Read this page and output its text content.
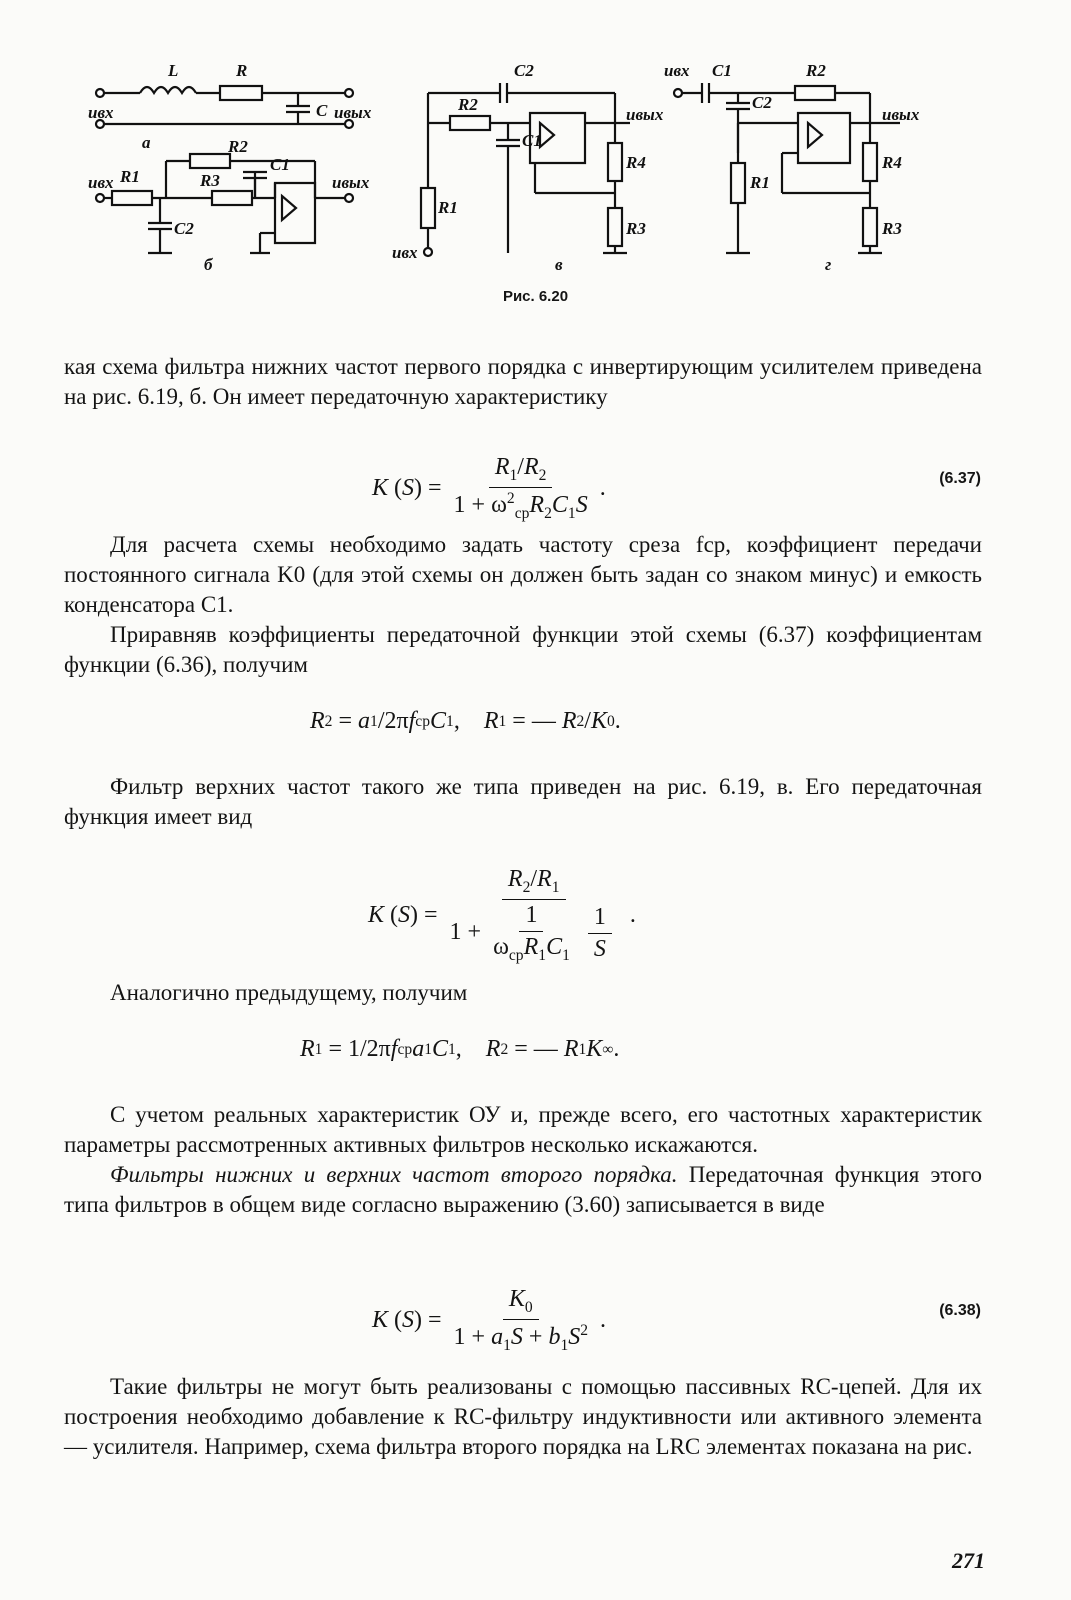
L	R
C uвых
uвх
а	R2
R1	R3
C1
C2
uвх	uвых
б
C2
R2
C1
R1
R4
R3
uвых
uвх
в
uвх C1	R2
C2
R1
uвых
R4
R3
г
Рис. 6.20

кая схема фильтра нижних частот первого порядка с инвертирующим усилителем приведена на рис. 6.19, б. Он имеет передаточную характеристику

K ( S ) = $\frac{R_1/R_2}{1 + \omega^2_{ср}R_2C_1S}$ .	(6.37)

Для расчета схемы необходимо задать частоту среза fср, коэффициент передачи постоянного сигнала K0 (для этой схемы он должен быть задан со знаком минус) и емкость конденсатора C1.

Приравняв коэффициенты передаточной функции этой схемы (6.37) коэффициентам функции (6.36), получим

R 2 = a 1 /2π f ср C 1 , R 1 = — R 2 / K 0 .

Фильтр верхних частот такого же типа приведен на рис. 6.19, в. Его передаточная функция имеет вид

K ( S ) = $\frac{R_2/R_1}{1 + \frac{1}{\omega_{ср}R_1C_1} \frac{1}{S}}$ .

Аналогично предыдущему, получим

R 1 = 1/2π f ср a 1 C 1 , R 2 = — R 1 K ∞ .

С учетом реальных характеристик ОУ и, прежде всего, его частотных характеристик параметры рассмотренных активных фильтров несколько искажаются.

Фильтры нижних и верхних частот второго порядка. Передаточная функция этого типа фильтров в общем виде согласно выражению (3.60) записывается в виде

K ( S ) = $\frac{K_0}{1 + a_1S + b_1S^2}$ .	(6.38)

Такие фильтры не могут быть реализованы с помощью пассивных RC-цепей. Для их построения необходимо добавление к RC-фильтру индуктивности или активного элемента — усилителя. Например, схема фильтра второго порядка на LRC элементах показана на рис.

271
